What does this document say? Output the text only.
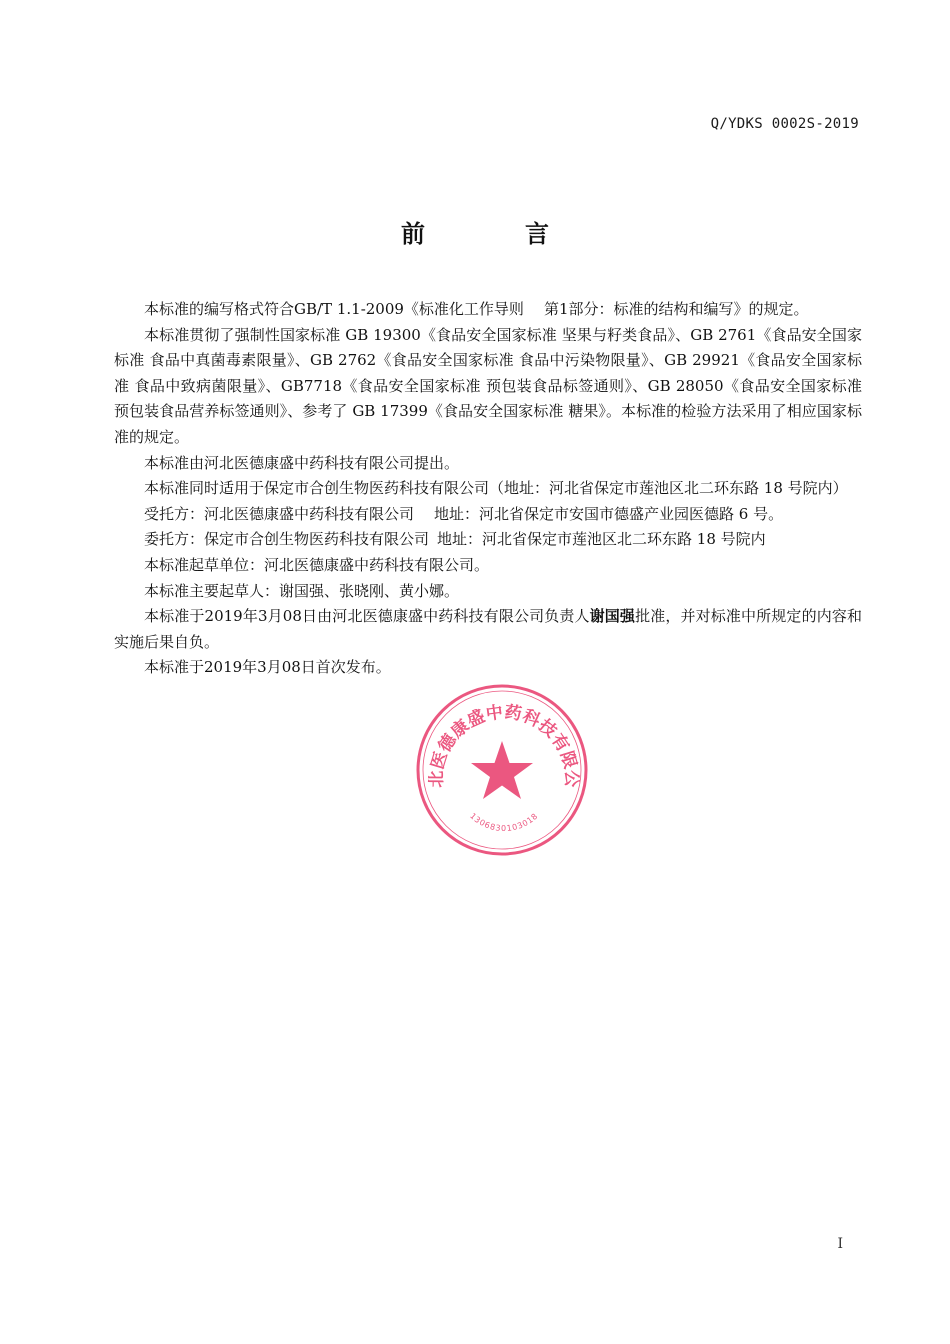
Q/YDKS 0002S-2019
前言

本标准的编写格式符合GB/T 1.1-2009《标准化工作导则 第1部分：标准的结构和编写》的规定。

本标准贯彻了强制性国家标准 GB 19300《食品安全国家标准 坚果与籽类食品》、GB 2761《食品安全国家标准 食品中真菌毒素限量》、GB 2762《食品安全国家标准 食品中污染物限量》、GB 29921《食品安全国家标准 食品中致病菌限量》、GB7718《食品安全国家标准 预包装食品标签通则》、GB 28050《食品安全国家标准 预包装食品营养标签通则》、参考了 GB 17399《食品安全国家标准 糖果》。本标准的检验方法采用了相应国家标准的规定。

本标准由河北医德康盛中药科技有限公司提出。

本标准同时适用于保定市合创生物医药科技有限公司（地址：河北省保定市莲池区北二环东路 18 号院内）

受托方：河北医德康盛中药科技有限公司 地址：河北省保定市安国市德盛产业园医德路 6 号。

委托方：保定市合创生物医药科技有限公司 地址：河北省保定市莲池区北二环东路 18 号院内

本标准起草单位：河北医德康盛中药科技有限公司。

本标准主要起草人：谢国强、张晓刚、黄小娜。

本标准于2019年3月08日由河北医德康盛中药科技有限公司负责人谢国强批准，并对标准中所规定的内容和实施后果自负。

本标准于2019年3月08日首次发布。

北医德康盛中药科技有限公
1306830103018
I
